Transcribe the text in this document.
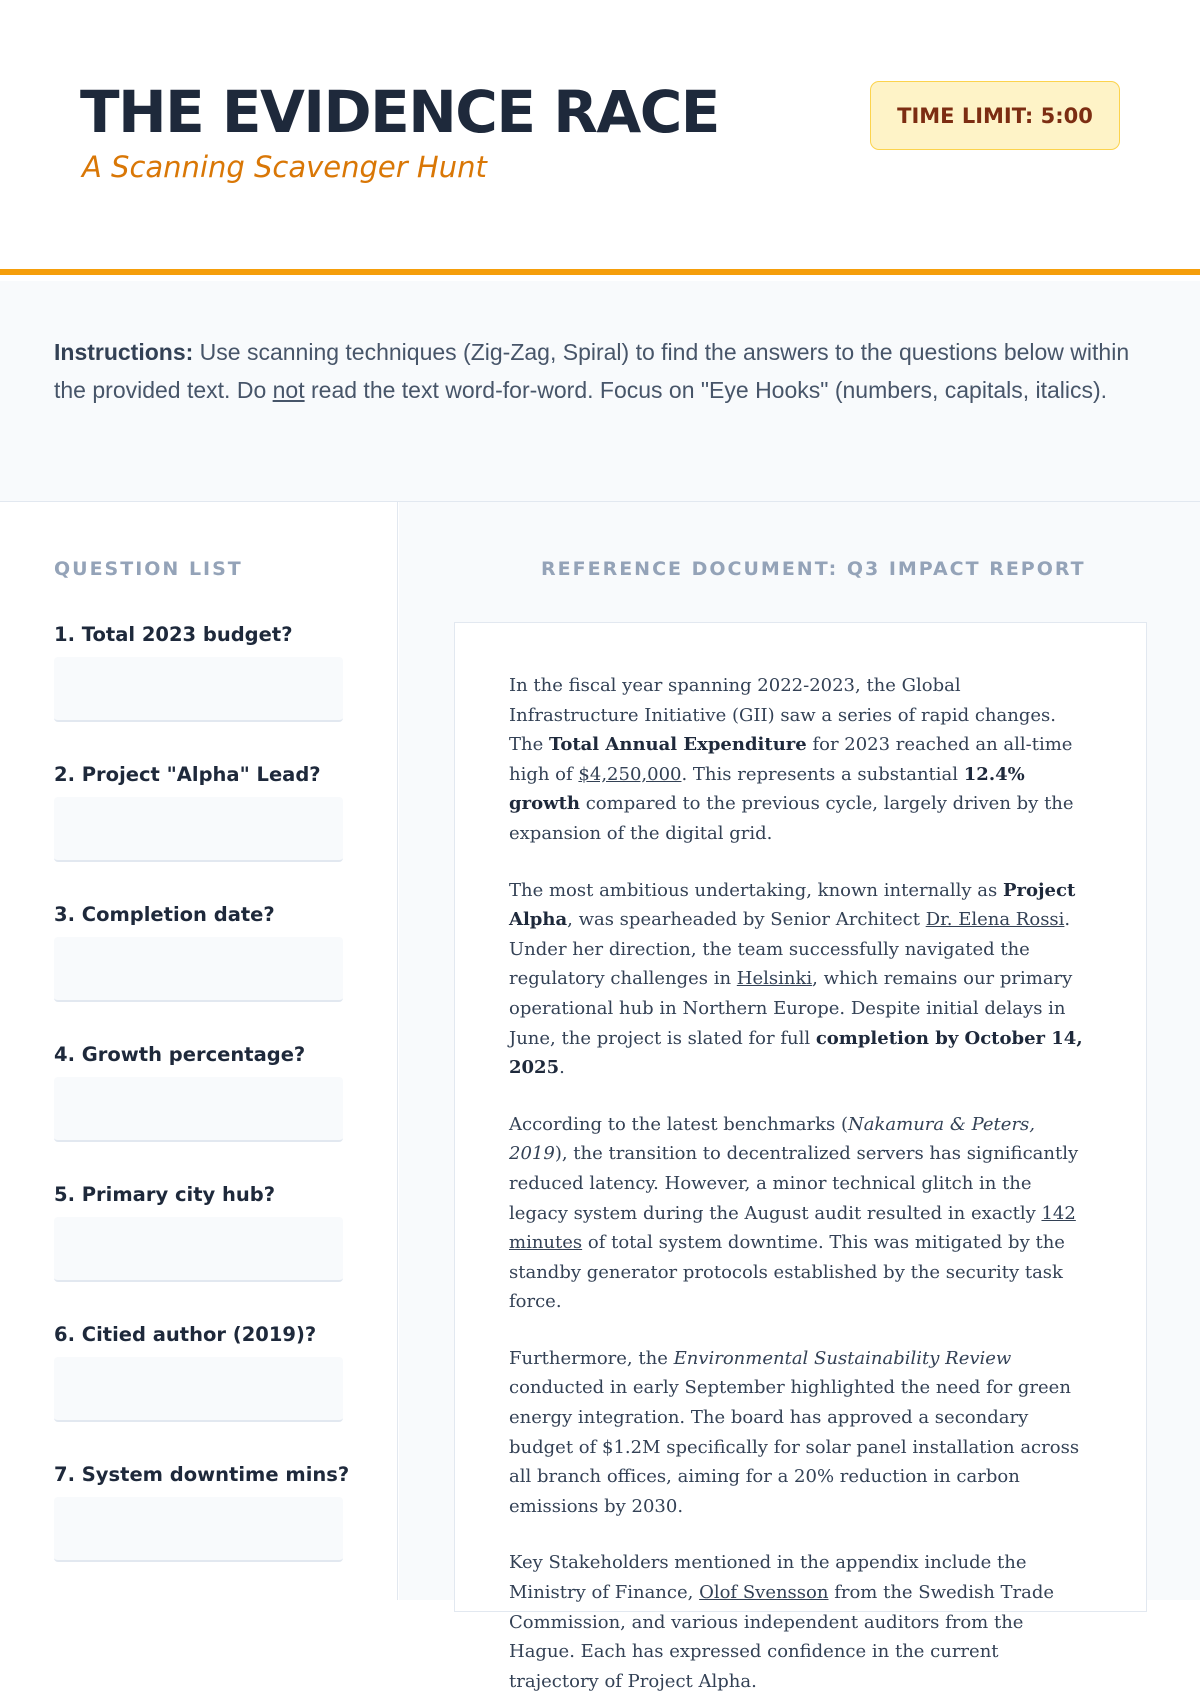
THE EVIDENCE RACE
A Scanning Scavenger Hunt
TIME LIMIT: 5:00
Instructions: Use scanning techniques (Zig-Zag, Spiral) to find the answers to the questions below within the provided text. Do not read the text word-for-word. Focus on "Eye Hooks" (numbers, capitals, italics).
QUESTION LIST
1. Total 2023 budget?
2. Project "Alpha" Lead?
3. Completion date?
4. Growth percentage?
5. Primary city hub?
6. Citied author (2019)?
7. System downtime mins?
REFERENCE DOCUMENT: Q3 IMPACT REPORT

In the fiscal year spanning 2022-2023, the Global Infrastructure Initiative (GII) saw a series of rapid changes. The Total Annual Expenditure for 2023 reached an all-time high of $4,250,000. This represents a substantial 12.4% growth compared to the previous cycle, largely driven by the expansion of the digital grid.

The most ambitious undertaking, known internally as Project Alpha, was spearheaded by Senior Architect Dr. Elena Rossi. Under her direction, the team successfully navigated the regulatory challenges in Helsinki, which remains our primary operational hub in Northern Europe. Despite initial delays in June, the project is slated for full completion by October 14, 2025.

According to the latest benchmarks (Nakamura & Peters, 2019), the transition to decentralized servers has significantly reduced latency. However, a minor technical glitch in the legacy system during the August audit resulted in exactly 142 minutes of total system downtime. This was mitigated by the standby generator protocols established by the security task force.

Furthermore, the Environmental Sustainability Review conducted in early September highlighted the need for green energy integration. The board has approved a secondary budget of $1.2M specifically for solar panel installation across all branch offices, aiming for a 20% reduction in carbon emissions by 2030.

Key Stakeholders mentioned in the appendix include the Ministry of Finance, Olof Svensson from the Swedish Trade Commission, and various independent auditors from the Hague. Each has expressed confidence in the current trajectory of Project Alpha.
